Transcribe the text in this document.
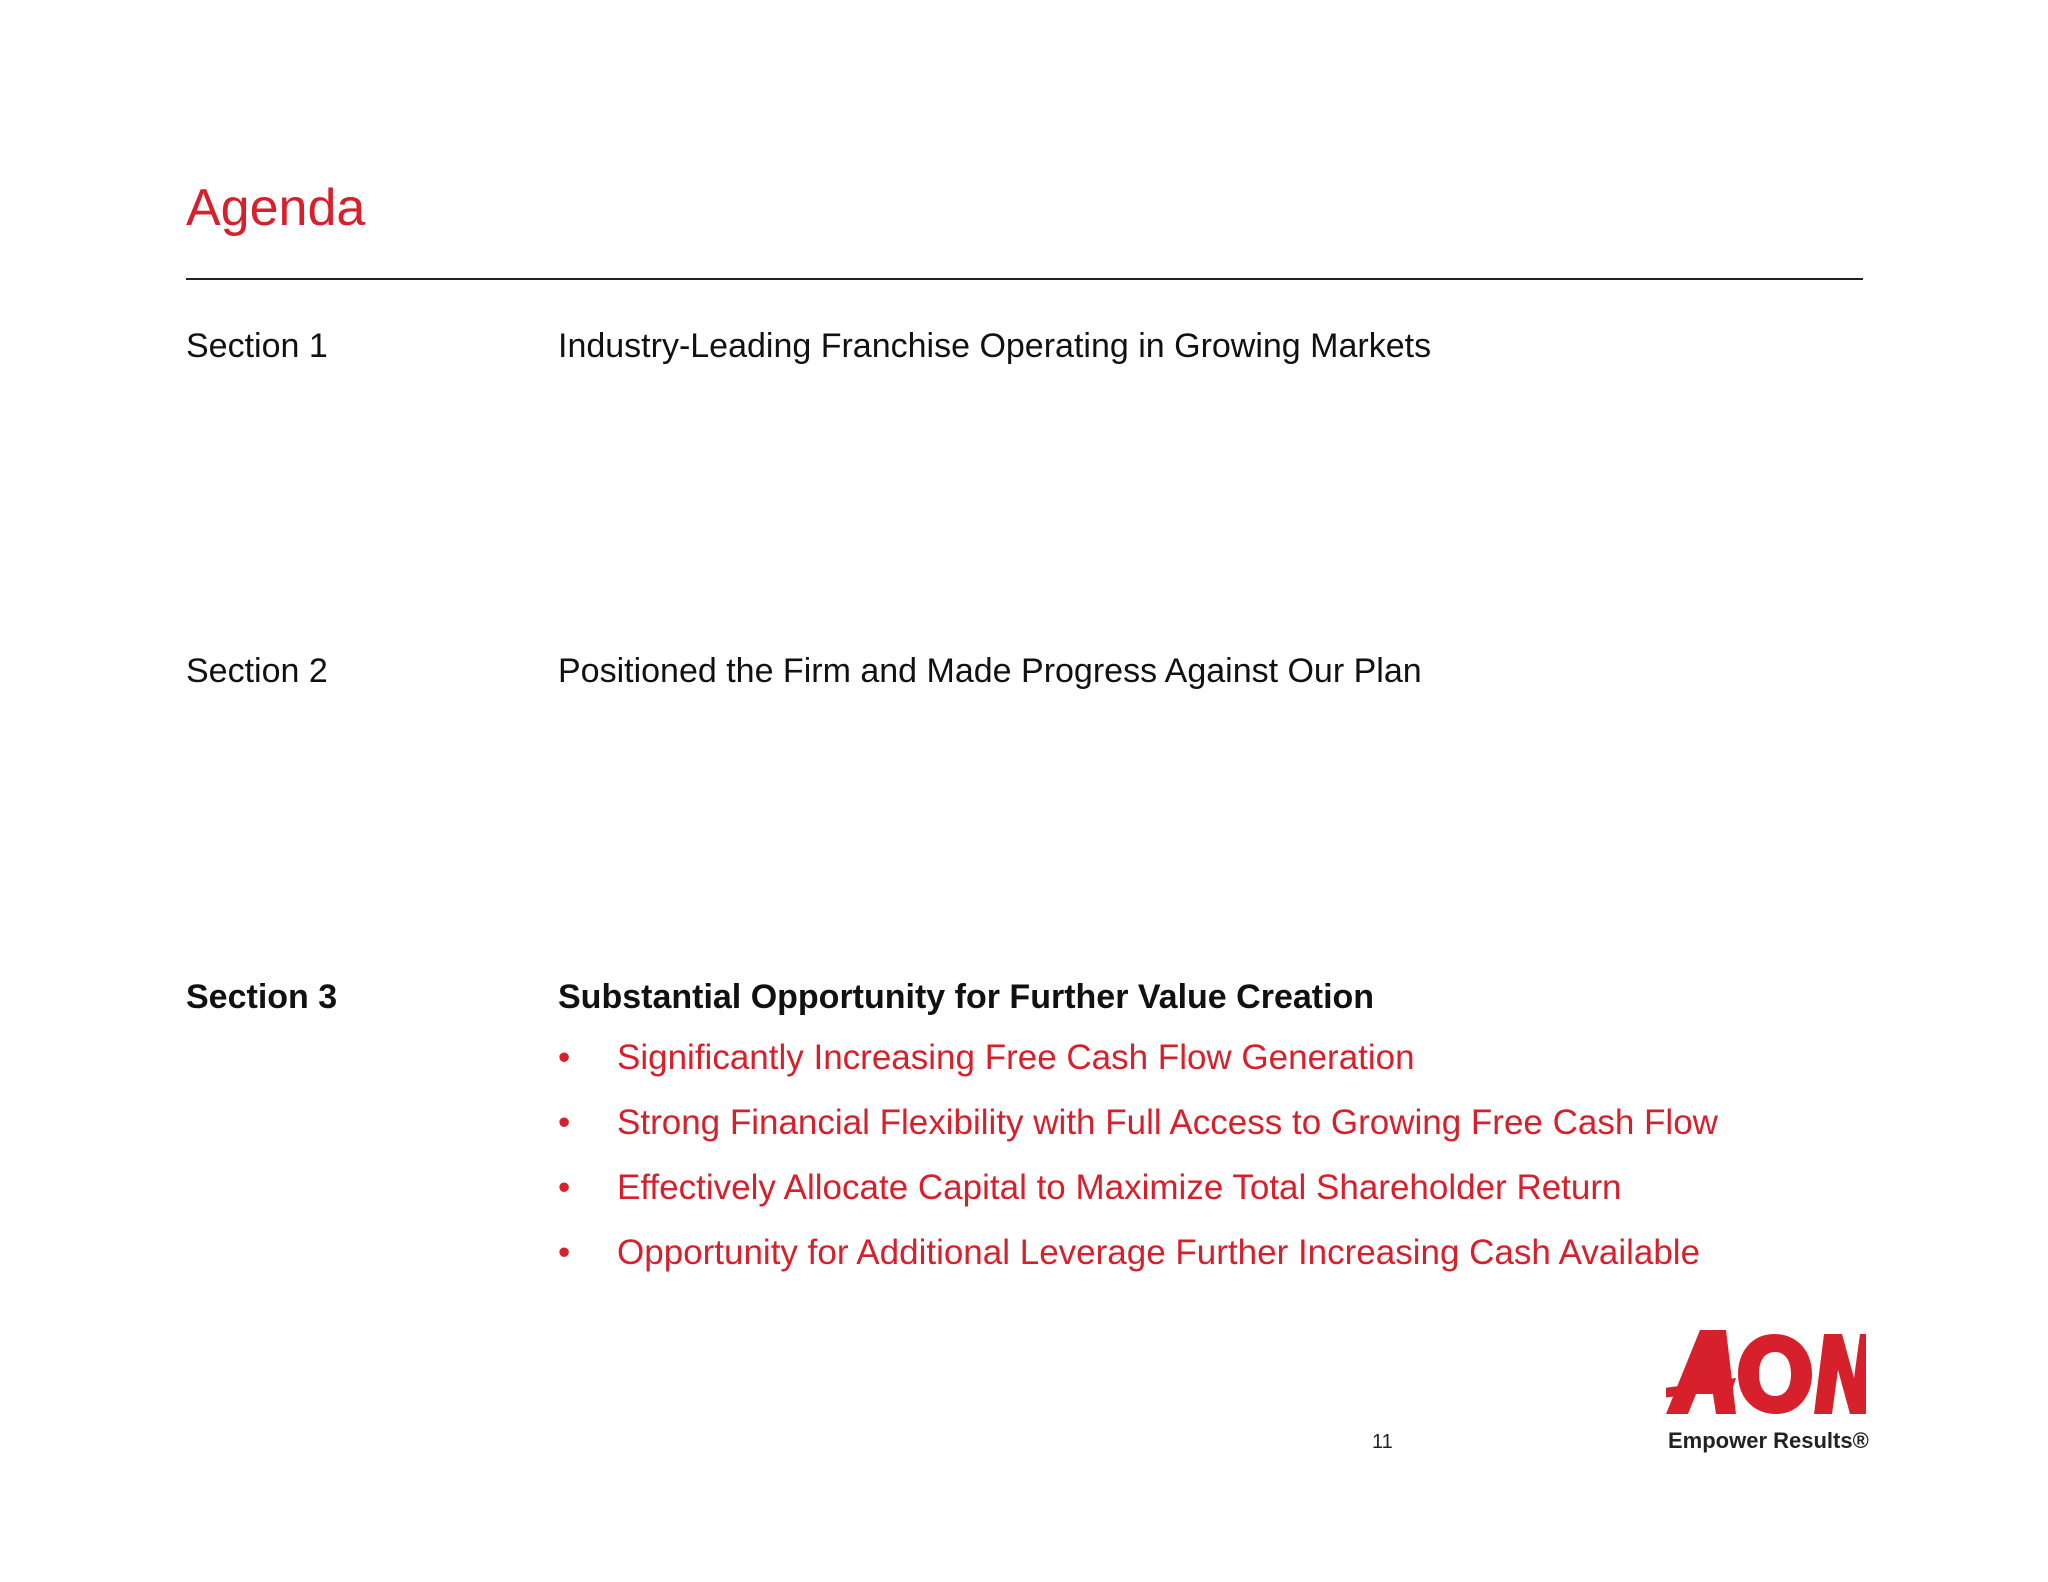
Agenda
Section 1	Industry-Leading Franchise Operating in Growing Markets
Section 2	Positioned the Firm and Made Progress Against Our Plan
Section 3	Substantial Opportunity for Further Value Creation
• Significantly Increasing Free Cash Flow Generation
• Strong Financial Flexibility with Full Access to Growing Free Cash Flow
• Effectively Allocate Capital to Maximize Total Shareholder Return
• Opportunity for Additional Leverage Further Increasing Cash Available
11	Empower Results®
